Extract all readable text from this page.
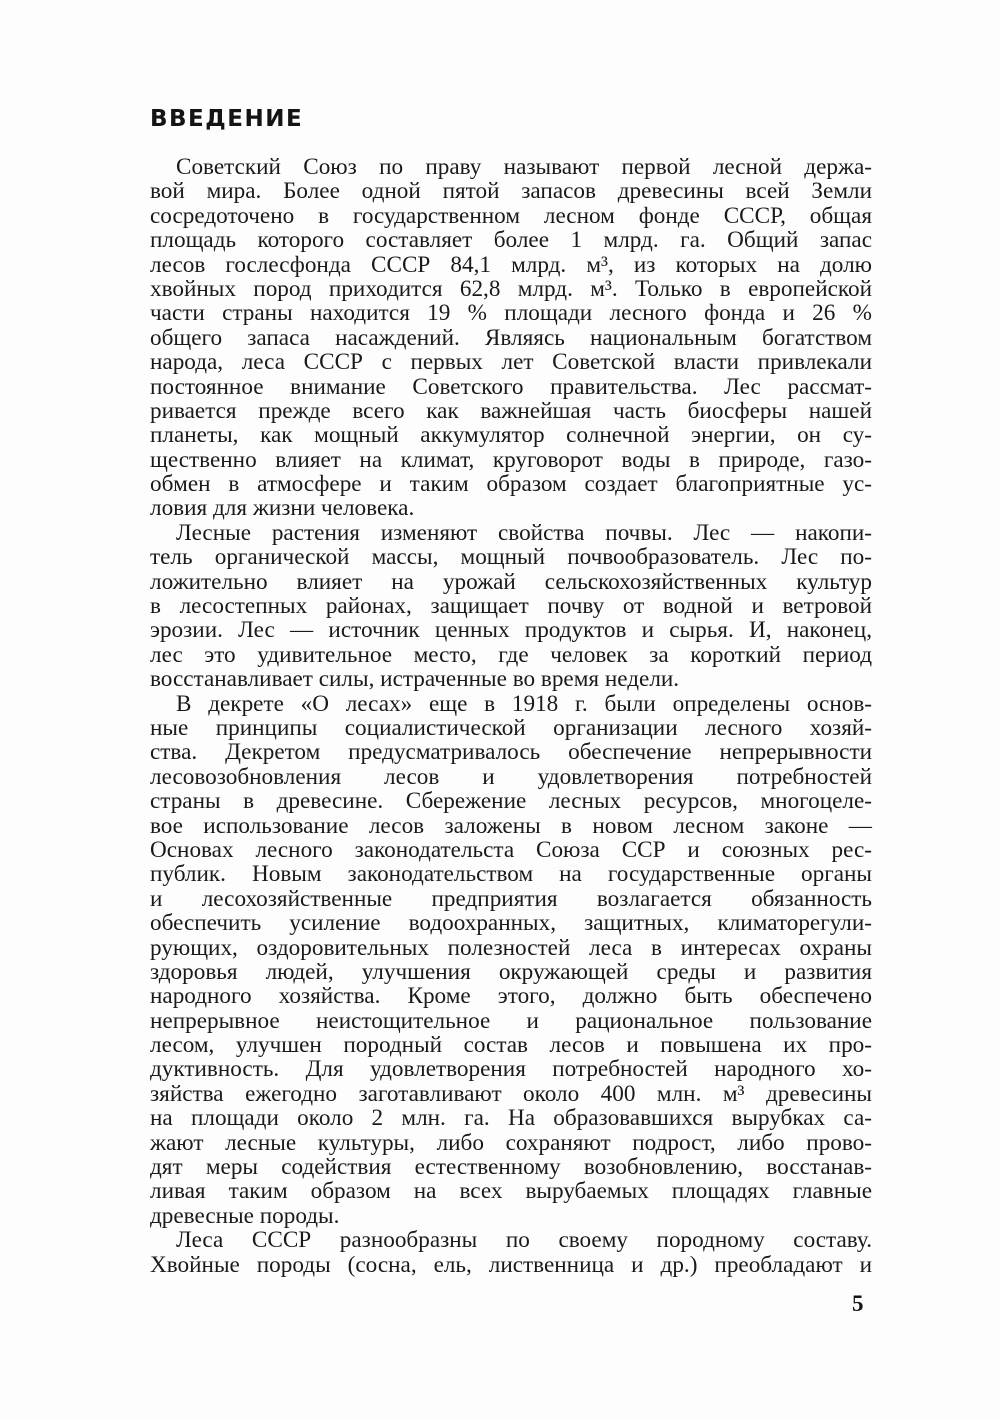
ВВЕДЕНИЕ
Советский Союз по праву называют первой лесной держа-
вой мира. Более одной пятой запасов древесины всей Земли
сосредоточено в государственном лесном фонде СССР, общая
площадь которого составляет более 1 млрд. га. Общий запас
лесов гослесфонда СССР 84,1 млрд. м³, из которых на долю
хвойных пород приходится 62,8 млрд. м³. Только в европейской
части страны находится 19 % площади лесного фонда и 26 %
общего запаса насаждений. Являясь национальным богатством
народа, леса СССР с первых лет Советской власти привлекали
постоянное внимание Советского правительства. Лес рассмат-
ривается прежде всего как важнейшая часть биосферы нашей
планеты, как мощный аккумулятор солнечной энергии, он су-
щественно влияет на климат, круговорот воды в природе, газо-
обмен в атмосфере и таким образом создает благоприятные ус-
ловия для жизни человека.
Лесные растения изменяют свойства почвы. Лес — накопи-
тель органической массы, мощный почвообразователь. Лес по-
ложительно влияет на урожай сельскохозяйственных культур
в лесостепных районах, защищает почву от водной и ветровой
эрозии. Лес — источник ценных продуктов и сырья. И, наконец,
лес это удивительное место, где человек за короткий период
восстанавливает силы, истраченные во время недели.
В декрете «О лесах» еще в 1918 г. были определены основ-
ные принципы социалистической организации лесного хозяй-
ства. Декретом предусматривалось обеспечение непрерывности
лесовозобновления лесов и удовлетворения потребностей
страны в древесине. Сбережение лесных ресурсов, многоцеле-
вое использование лесов заложены в новом лесном законе —
Основах лесного законодательста Союза ССР и союзных рес-
публик. Новым законодательством на государственные органы
и лесохозяйственные предприятия возлагается обязанность
обеспечить усиление водоохранных, защитных, климаторегули-
рующих, оздоровительных полезностей леса в интересах охраны
здоровья людей, улучшения окружающей среды и развития
народного хозяйства. Кроме этого, должно быть обеспечено
непрерывное неистощительное и рациональное пользование
лесом, улучшен породный состав лесов и повышена их про-
дуктивность. Для удовлетворения потребностей народного хо-
зяйства ежегодно заготавливают около 400 млн. м³ древесины
на площади около 2 млн. га. На образовавшихся вырубках са-
жают лесные культуры, либо сохраняют подрост, либо прово-
дят меры содействия естественному возобновлению, восстанав-
ливая таким образом на всех вырубаемых площадях главные
древесные породы.
Леса СССР разнообразны по своему породному составу.
Хвойные породы (сосна, ель, лиственница и др.) преобладают и
5
